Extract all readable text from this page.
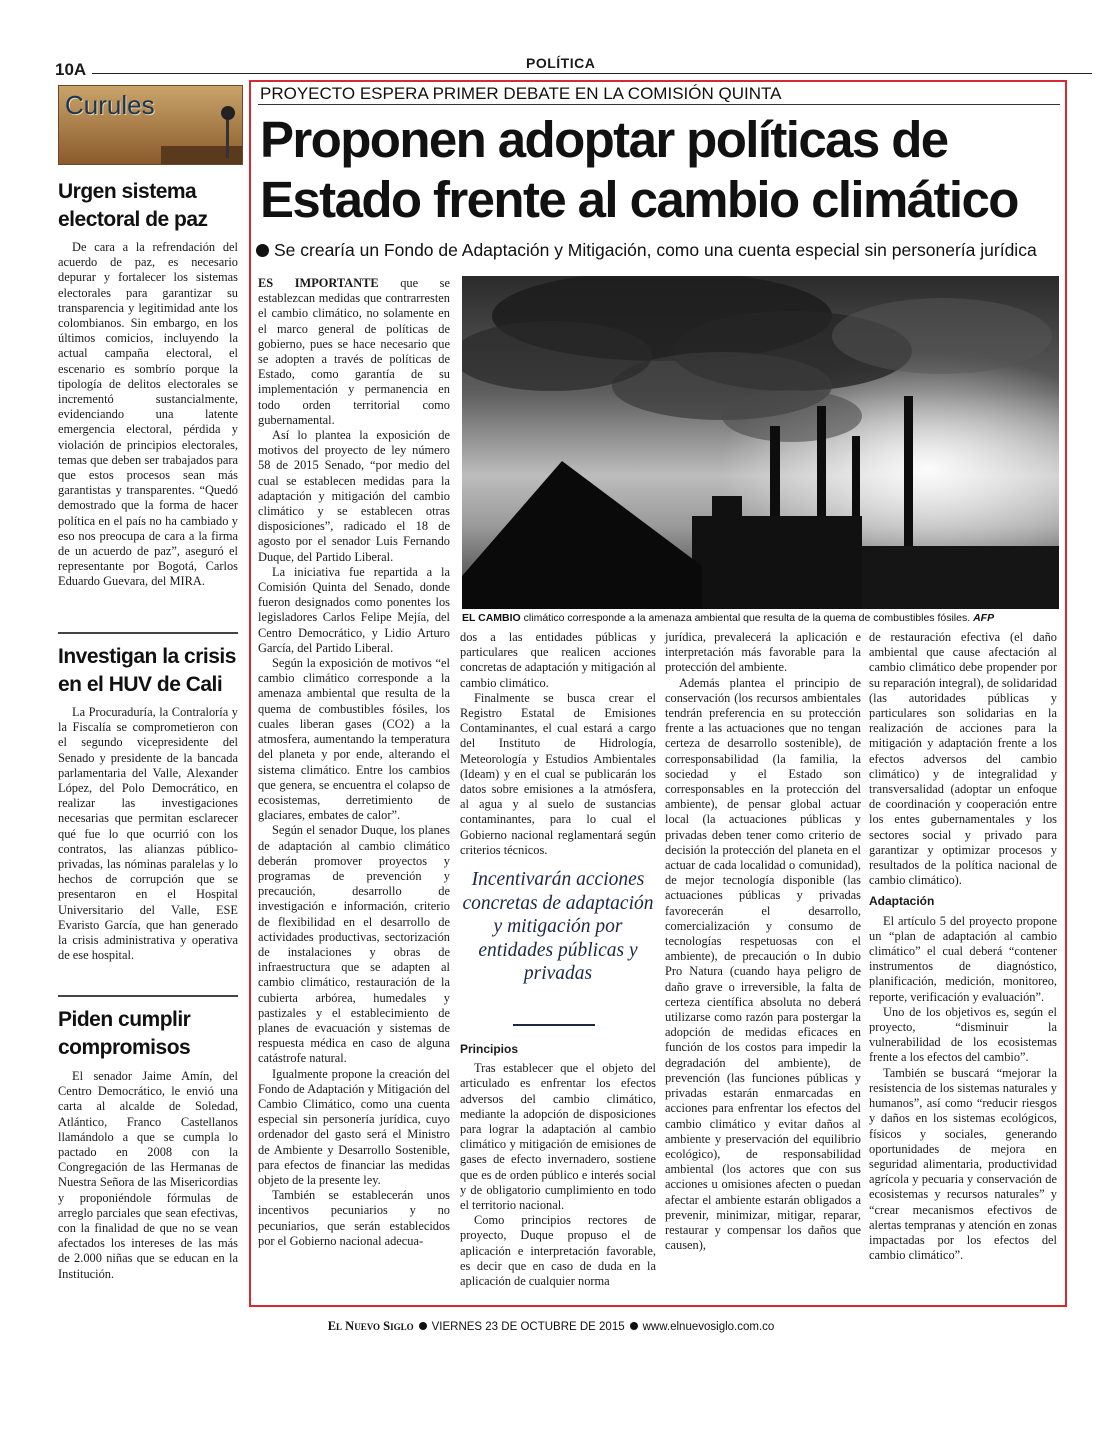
10A	POLÍTICA
Curules
Urgen sistema electoral de paz
De cara a la refrendación del acuerdo de paz, es necesario depurar y fortalecer los sistemas electorales para garantizar su transparencia y legitimidad ante los colombianos. Sin embargo, en los últimos comicios, incluyendo la actual campaña electoral, el escenario es sombrío porque la tipología de delitos electorales se incrementó sustancialmente, evidenciando una latente emergencia electoral, pérdida y violación de principios electorales, temas que deben ser trabajados para que estos procesos sean más garantistas y transparentes. “Quedó demostrado que la forma de hacer política en el país no ha cambiado y eso nos preocupa de cara a la firma de un acuerdo de paz”, aseguró el representante por Bogotá, Carlos Eduardo Guevara, del MIRA.
Investigan la crisis en el HUV de Cali
La Procuraduría, la Contraloría y la Fiscalía se comprometieron con el segundo vicepresidente del Senado y presidente de la bancada parlamentaria del Valle, Alexander López, del Polo Democrático, en realizar las investigaciones necesarias que permitan esclarecer qué fue lo que ocurrió con los contratos, las alianzas público-privadas, las nóminas paralelas y lo hechos de corrupción que se presentaron en el Hospital Universitario del Valle, ESE Evaristo García, que han generado la crisis administrativa y operativa de ese hospital.
Piden cumplir compromisos
El senador Jaime Amín, del Centro Democrático, le envió una carta al alcalde de Soledad, Atlántico, Franco Castellanos llamándolo a que se cumpla lo pactado en 2008 con la Congregación de las Hermanas de Nuestra Señora de las Misericordias y proponiéndole fórmulas de arreglo parciales que sean efectivas, con la finalidad de que no se vean afectados los intereses de las más de 2.000 niñas que se educan en la Institución.
PROYECTO ESPERA PRIMER DEBATE EN LA COMISIÓN QUINTA
Proponen adoptar políticas de Estado frente al cambio climático
Se crearía un Fondo de Adaptación y Mitigación, como una cuenta especial sin personería jurídica

ES IMPORTANTE que se establezcan medidas que contrarresten el cambio climático, no solamente en el marco general de políticas de gobierno, pues se hace necesario que se adopten a través de políticas de Estado, como garantía de su implementación y permanencia en todo orden territorial como gubernamental.

Así lo plantea la exposición de motivos del proyecto de ley número 58 de 2015 Senado, “por medio del cual se establecen medidas para la adaptación y mitigación del cambio climático y se establecen otras disposiciones”, radicado el 18 de agosto por el senador Luis Fernando Duque, del Partido Liberal.

La iniciativa fue repartida a la Comisión Quinta del Senado, donde fueron designados como ponentes los legisladores Carlos Felipe Mejía, del Centro Democrático, y Lidio Arturo García, del Partido Liberal.

Según la exposición de motivos “el cambio climático corresponde a la amenaza ambiental que resulta de la quema de combustibles fósiles, los cuales liberan gases (CO2) a la atmosfera, aumentando la temperatura del planeta y por ende, alterando el sistema climático. Entre los cambios que genera, se encuentra el colapso de ecosistemas, derretimiento de glaciares, embates de calor”.

Según el senador Duque, los planes de adaptación al cambio climático deberán promover proyectos y programas de prevención y precaución, desarrollo de investigación e información, criterio de flexibilidad en el desarrollo de actividades productivas, sectorización de instalaciones y obras de infraestructura que se adapten al cambio climático, restauración de la cubierta arbórea, humedales y pastizales y el establecimiento de planes de evacuación y sistemas de respuesta médica en caso de alguna catástrofe natural.

Igualmente propone la creación del Fondo de Adaptación y Mitigación del Cambio Climático, como una cuenta especial sin personería jurídica, cuyo ordenador del gasto será el Ministro de Ambiente y Desarrollo Sostenible, para efectos de financiar las medidas objeto de la presente ley.

También se establecerán unos incentivos pecuniarios y no pecuniarios, que serán establecidos por el Gobierno nacional adecua-

EL CAMBIO climático corresponde a la amenaza ambiental que resulta de la quema de combustibles fósiles. AFP

dos a las entidades públicas y particulares que realicen acciones concretas de adaptación y mitigación al cambio climático.

Finalmente se busca crear el Registro Estatal de Emisiones Contaminantes, el cual estará a cargo del Instituto de Hidrología, Meteorología y Estudios Ambientales (Ideam) y en el cual se publicarán los datos sobre emisiones a la atmósfera, al agua y al suelo de sustancias contaminantes, para lo cual el Gobierno nacional reglamentará según criterios técnicos.

Incentivarán acciones concretas de adaptación y mitigación por entidades públicas y privadas
Principios

Tras establecer que el objeto del articulado es enfrentar los efectos adversos del cambio climático, mediante la adopción de disposiciones para lograr la adaptación al cambio climático y mitigación de emisiones de gases de efecto invernadero, sostiene que es de orden público e interés social y de obligatorio cumplimiento en todo el territorio nacional.

Como principios rectores de proyecto, Duque propuso el de aplicación e interpretación favorable, es decir que en caso de duda en la aplicación de cualquier norma

jurídica, prevalecerá la aplicación e interpretación más favorable para la protección del ambiente.

Además plantea el principio de conservación (los recursos ambientales tendrán preferencia en su protección frente a las actuaciones que no tengan certeza de desarrollo sostenible), de corresponsabilidad (la familia, la sociedad y el Estado son corresponsables en la protección del ambiente), de pensar global actuar local (la actuaciones públicas y privadas deben tener como criterio de decisión la protección del planeta en el actuar de cada localidad o comunidad), de mejor tecnología disponible (las actuaciones públicas y privadas favorecerán el desarrollo, comercialización y consumo de tecnologías respetuosas con el ambiente), de precaución o In dubio Pro Natura (cuando haya peligro de daño grave o irreversible, la falta de certeza científica absoluta no deberá utilizarse como razón para postergar la adopción de medidas eficaces en función de los costos para impedir la degradación del ambiente), de prevención (las funciones públicas y privadas estarán enmarcadas en acciones para enfrentar los efectos del cambio climático y evitar daños al ambiente y preservación del equilibrio ecológico), de responsabilidad ambiental (los actores que con sus acciones u omisiones afecten o puedan afectar el ambiente estarán obligados a prevenir, minimizar, mitigar, reparar, restaurar y compensar los daños que causen),

de restauración efectiva (el daño ambiental que cause afectación al cambio climático debe propender por su reparación integral), de solidaridad (las autoridades públicas y particulares son solidarias en la realización de acciones para la mitigación y adaptación frente a los efectos adversos del cambio climático) y de integralidad y transversalidad (adoptar un enfoque de coordinación y cooperación entre los entes gubernamentales y los sectores social y privado para garantizar y optimizar procesos y resultados de la política nacional de cambio climático).

Adaptación

El artículo 5 del proyecto propone un “plan de adaptación al cambio climático” el cual deberá “contener instrumentos de diagnóstico, planificación, medición, monitoreo, reporte, verificación y evaluación”.

Uno de los objetivos es, según el proyecto, “disminuir la vulnerabilidad de los ecosistemas frente a los efectos del cambio”.

También se buscará “mejorar la resistencia de los sistemas naturales y humanos”, así como “reducir riesgos y daños en los sistemas ecológicos, físicos y sociales, generando oportunidades de mejora en seguridad alimentaria, productividad agrícola y pecuaria y conservación de ecosistemas y recursos naturales” y “crear mecanismos efectivos de alertas tempranas y atención en zonas impactadas por los efectos del cambio climático”.

El Nuevo Siglo VIERNES 23 DE OCTUBRE DE 2015 www.elnuevosiglo.com.co
